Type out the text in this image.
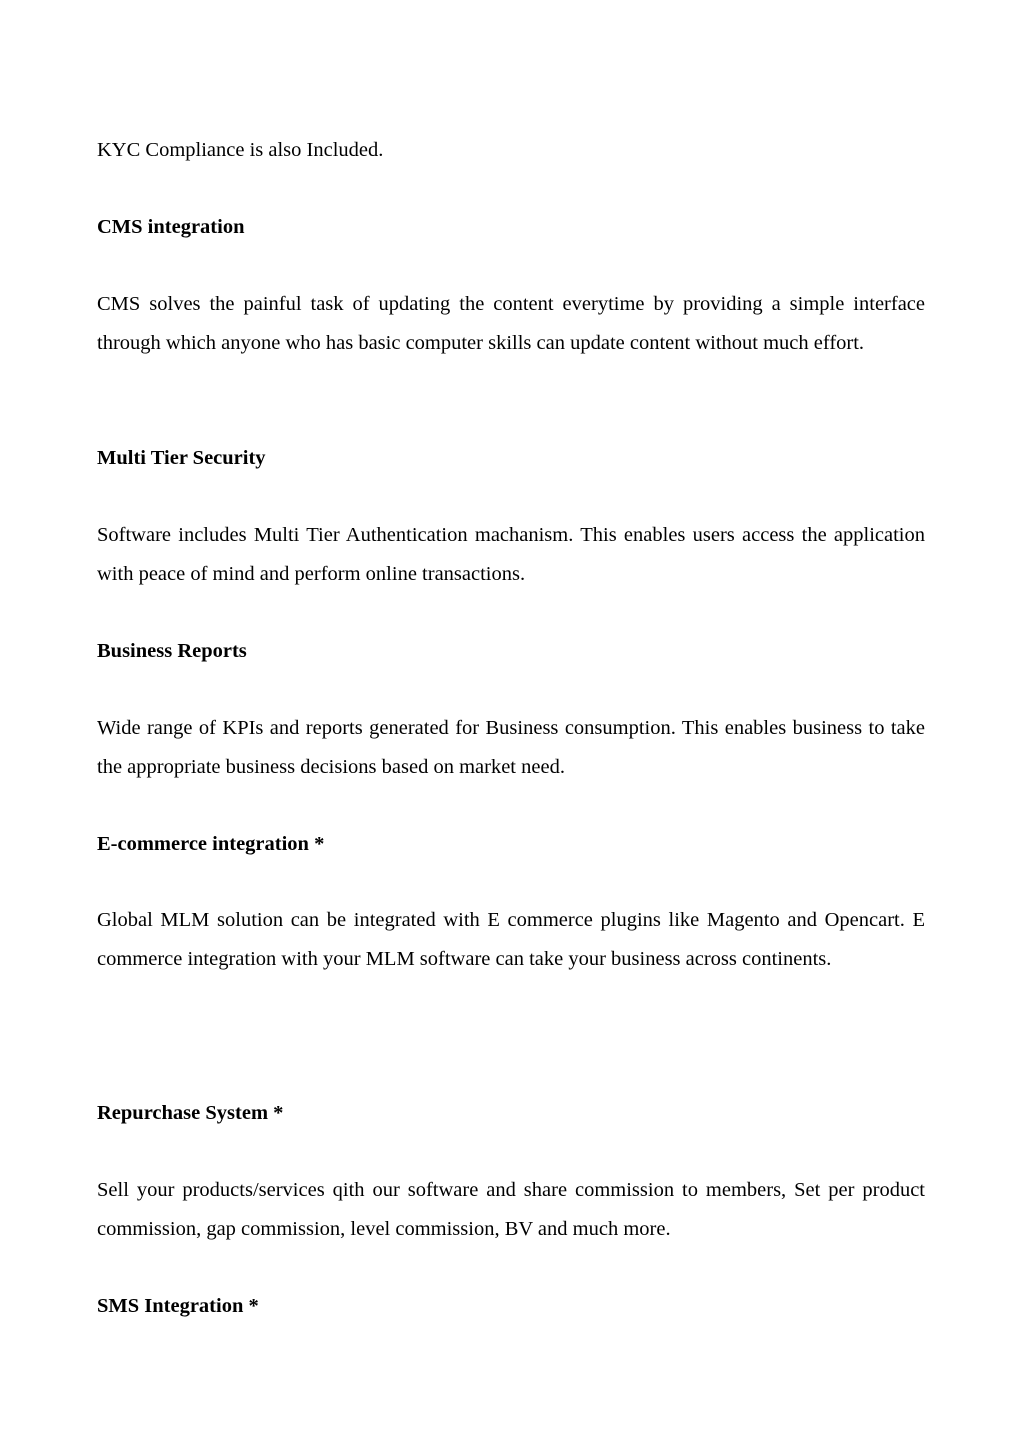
KYC Compliance is also Included.

CMS integration

CMS solves the painful task of updating the content everytime by providing a simple interface through which anyone who has basic computer skills can update content without much effort.

Multi Tier Security

Software includes Multi Tier Authentication machanism. This enables users access the application with peace of mind and perform online transactions.

Business Reports

Wide range of KPIs and reports generated for Business consumption. This enables business to take the appropriate business decisions based on market need.

E-commerce integration *

Global MLM solution can be integrated with E commerce plugins like Magento and Opencart. E commerce integration with your MLM software can take your business across continents.

Repurchase System *

Sell your products/services qith our software and share commission to members, Set per product commission, gap commission, level commission, BV and much more.

SMS Integration *
